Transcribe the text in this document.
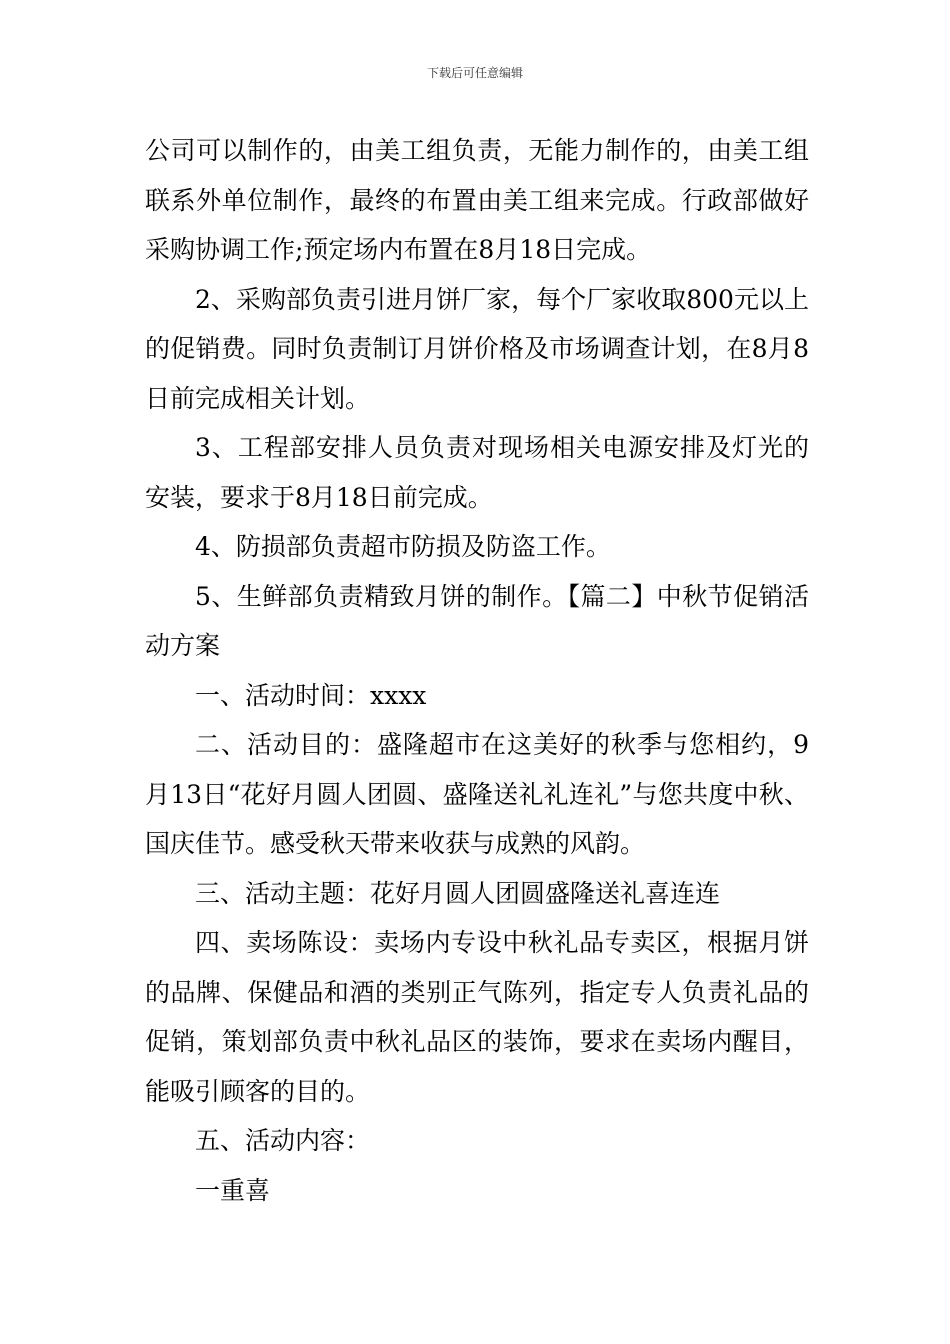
下载后可任意编辑

公司可以制作的，由美工组负责，无能力制作的，由美工组联系外单位制作，最终的布置由美工组来完成。行政部做好采购协调工作;预定场内布置在8月18日完成。

2、采购部负责引进月饼厂家，每个厂家收取800元以上的促销费。同时负责制订月饼价格及市场调查计划，在8月8日前完成相关计划。

3、工程部安排人员负责对现场相关电源安排及灯光的安装，要求于8月18日前完成。

4、防损部负责超市防损及防盗工作。

5、生鲜部负责精致月饼的制作。【篇二】中秋节促销活动方案

一、活动时间：xxxx

二、活动目的：盛隆超市在这美好的秋季与您相约，9月13日“花好月圆人团圆、盛隆送礼礼连礼”与您共度中秋、国庆佳节。感受秋天带来收获与成熟的风韵。

三、活动主题：花好月圆人团圆盛隆送礼喜连连

四、卖场陈设：卖场内专设中秋礼品专卖区，根据月饼的品牌、保健品和酒的类别正气陈列，指定专人负责礼品的促销，策划部负责中秋礼品区的装饰，要求在卖场内醒目，能吸引顾客的目的。

五、活动内容：

一重喜
